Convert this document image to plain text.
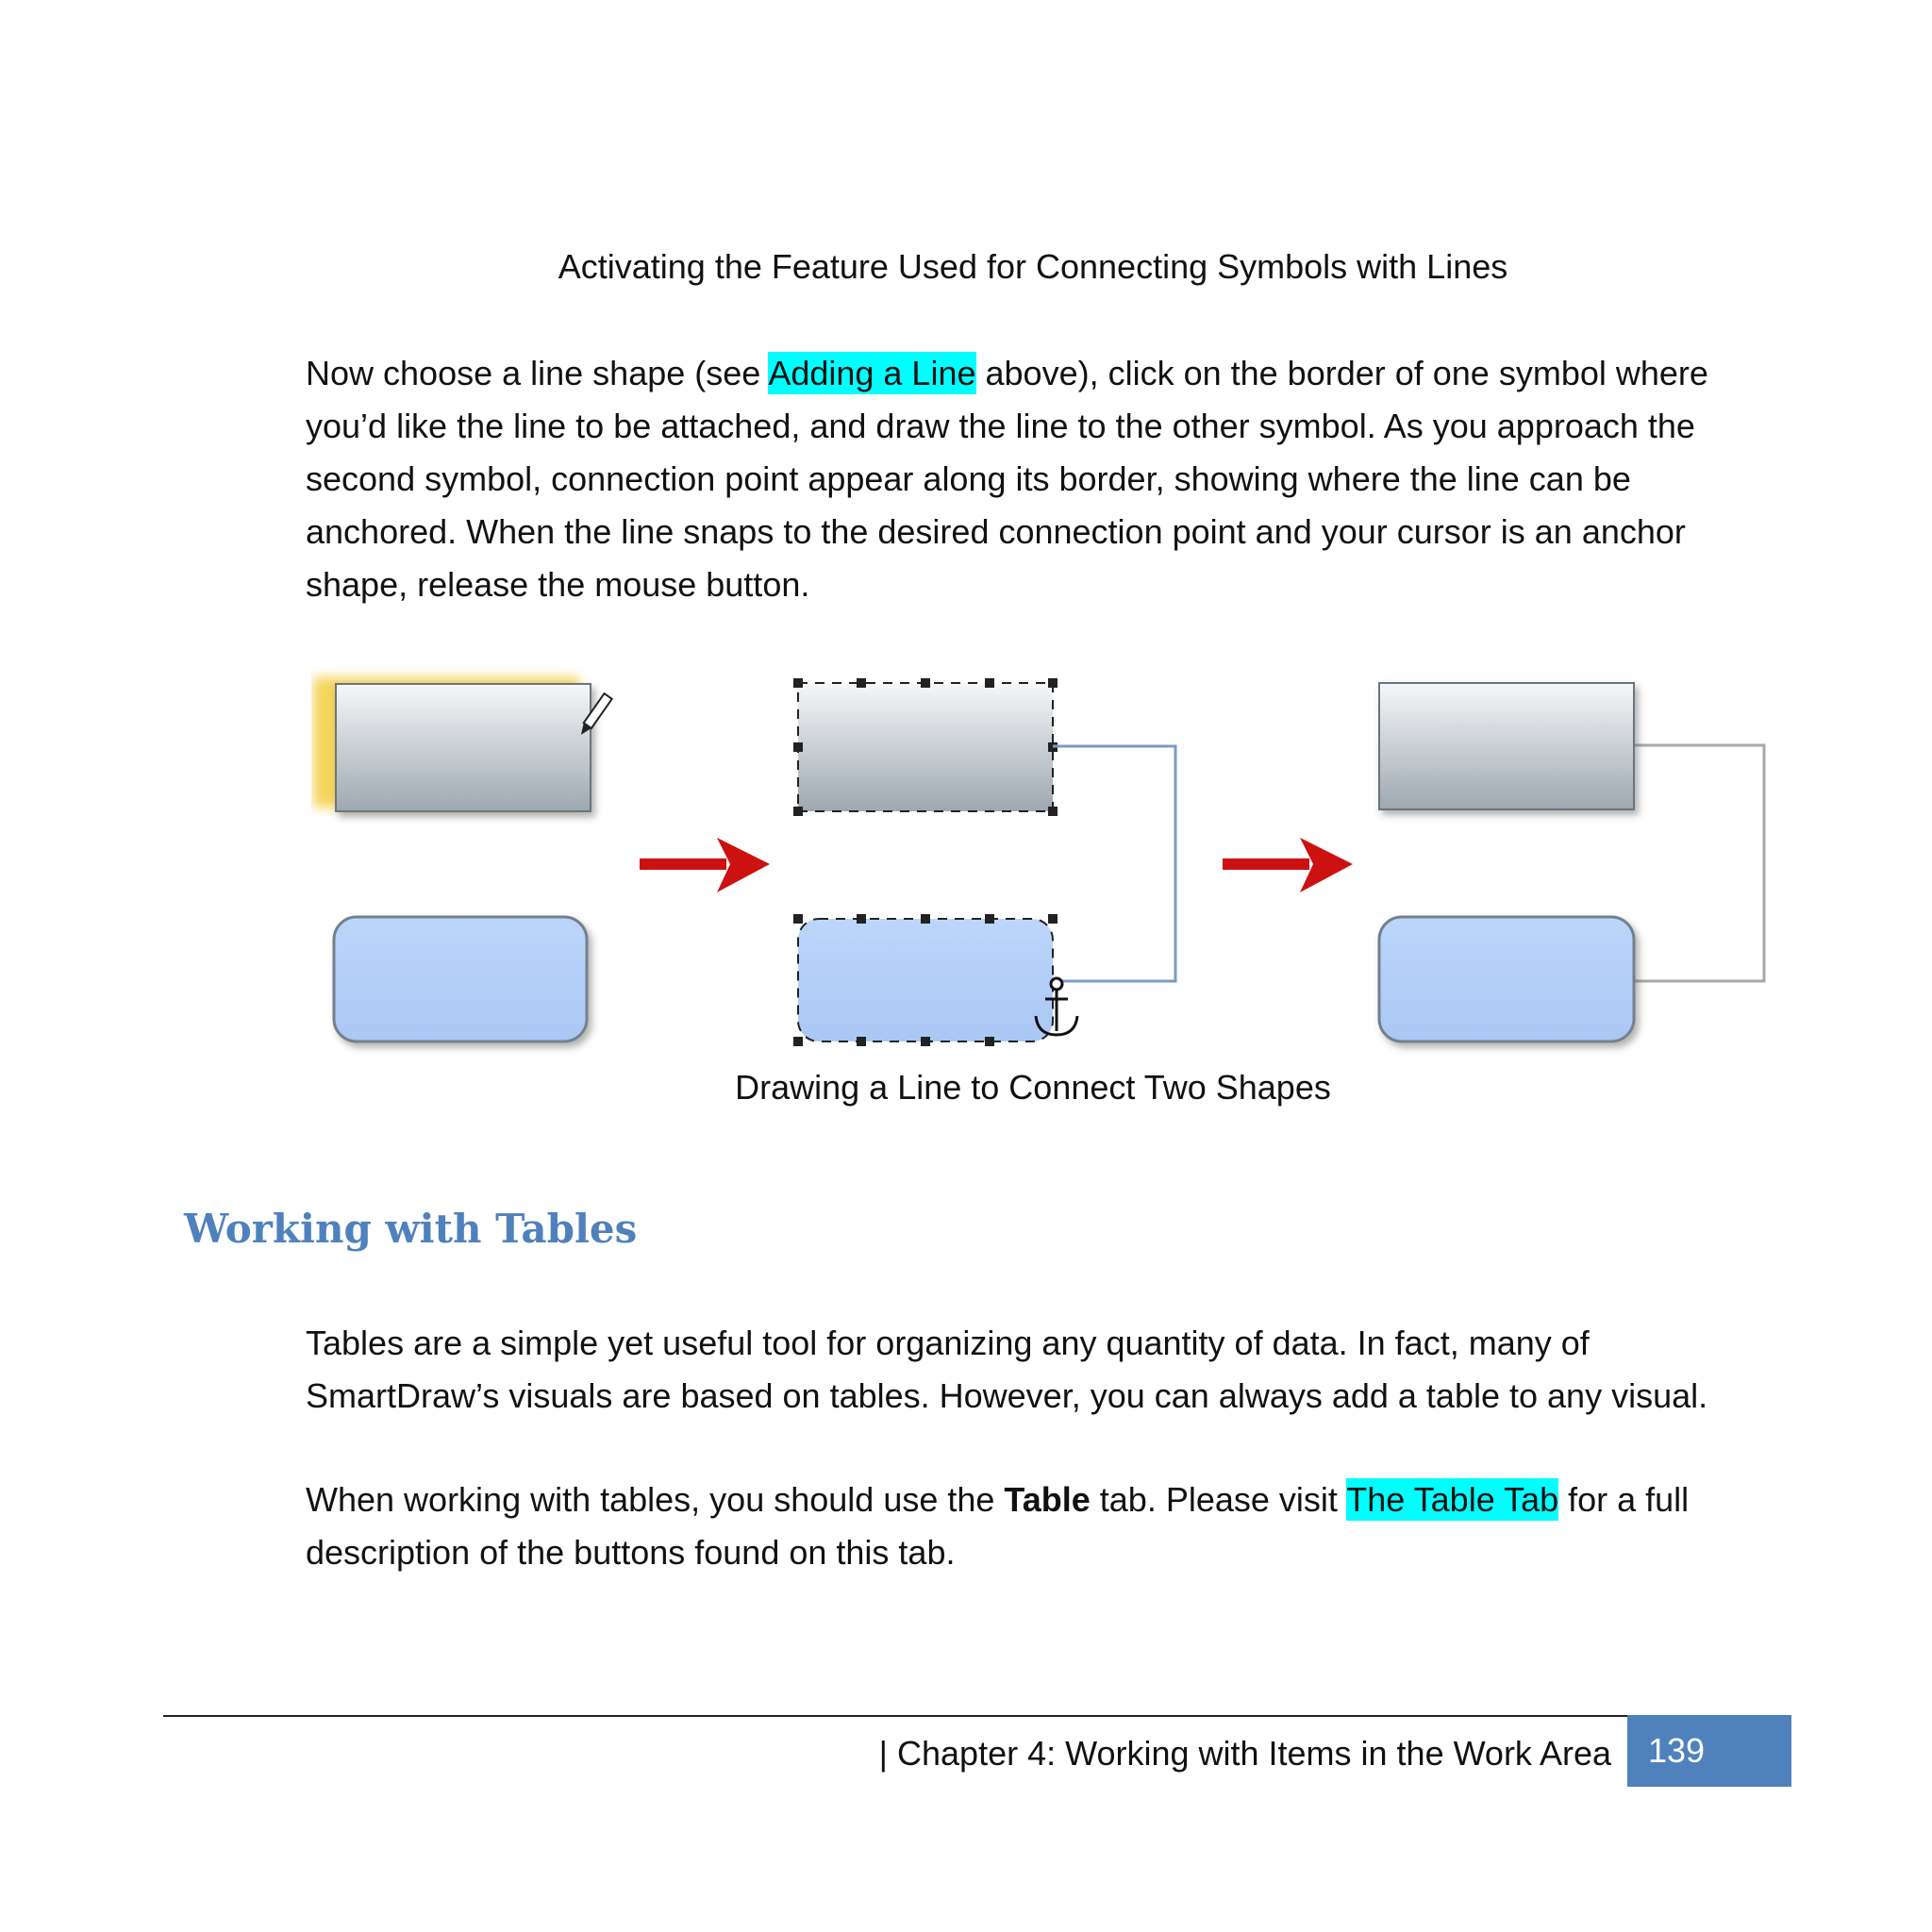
Activating the Feature Used for Connecting Symbols with Lines
Now choose a line shape (see Adding a Line above), click on the border of one symbol where you’d like the line to be attached, and draw the line to the other symbol. As you approach the second symbol, connection point appear along its border, showing where the line can be anchored. When the line snaps to the desired connection point and your cursor is an anchor shape, release the mouse button.
Drawing a Line to Connect Two Shapes
Working with Tables
Tables are a simple yet useful tool for organizing any quantity of data. In fact, many of SmartDraw’s visuals are based on tables. However, you can always add a table to any visual.
When working with tables, you should use the Table tab. Please visit The Table Tab for a full description of the buttons found on this tab.
| Chapter 4: Working with Items in the Work Area	139
